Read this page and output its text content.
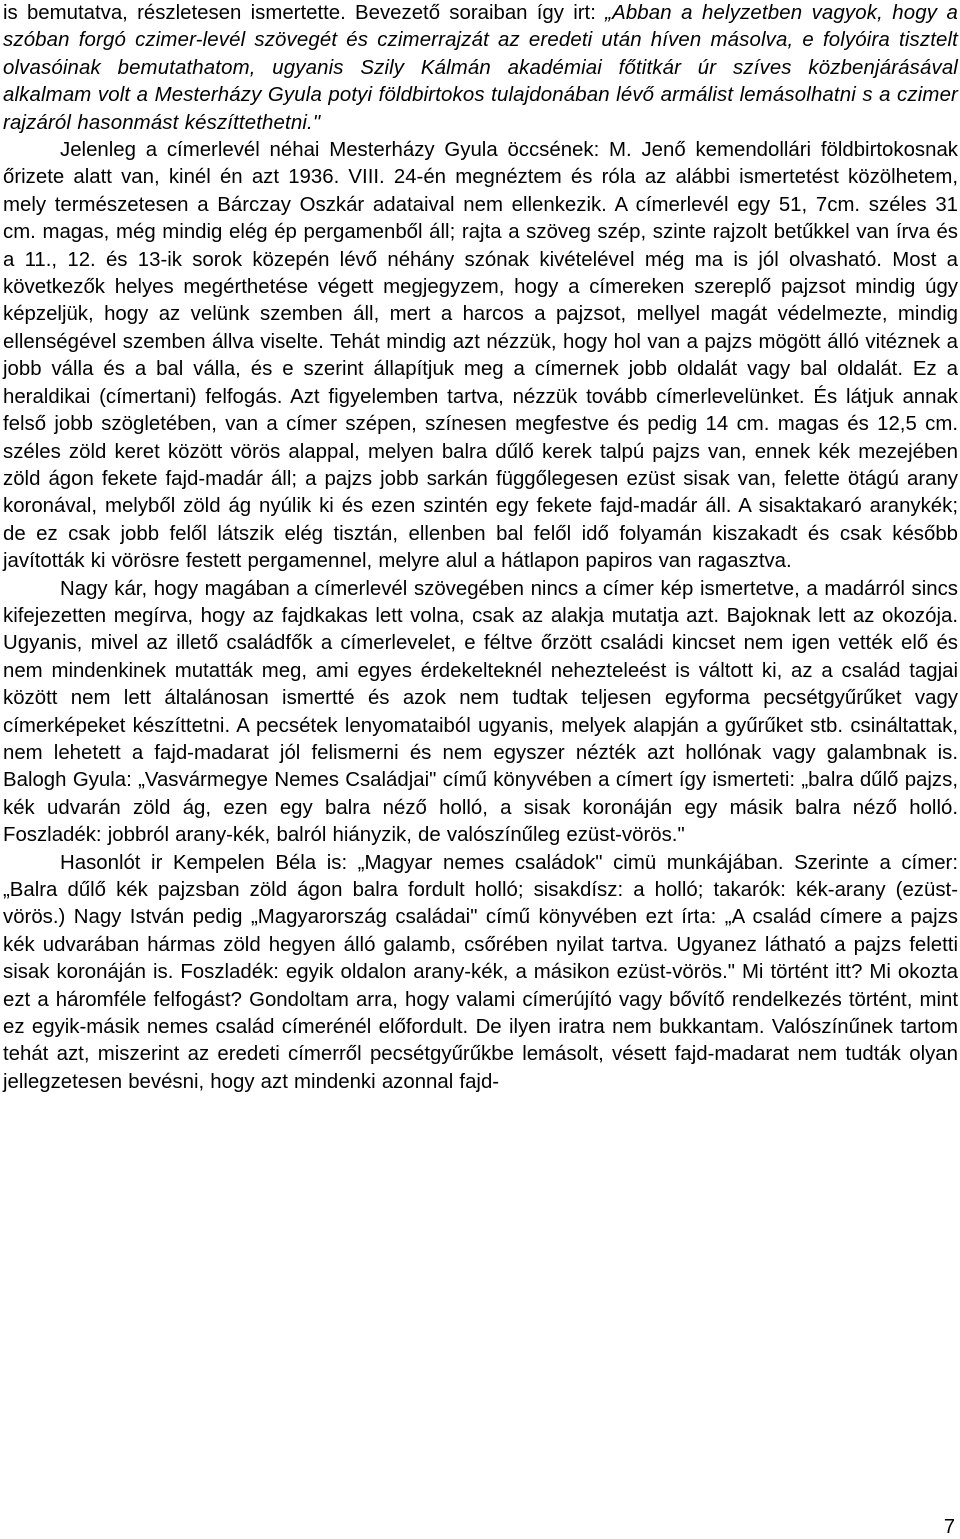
is bemutatva, részletesen ismertette. Bevezető soraiban így irt: „Abban a helyzetben vagyok, hogy a szóban forgó czimer-levél szövegét és czimerrajzát az eredeti után híven másolva, e folyóira tisztelt olvasóinak bemutathatom, ugyanis Szily Kálmán akadémiai főtitkár úr szíves közbenjárásával alkalmam volt a Mesterházy Gyula potyi földbirtokos tulajdonában lévő armálist lemásolhatni s a czimer rajzáról hasonmást készíttethetni."

Jelenleg a címerlevél néhai Mesterházy Gyula öccsének: M. Jenő kemendollári földbirtokosnak őrizete alatt van, kinél én azt 1936. VIII. 24-én megnéztem és róla az alábbi ismertetést közölhetem, mely természetesen a Bárczay Oszkár adataival nem ellenkezik. A címerlevél egy 51, 7cm. széles 31 cm. magas, még mindig elég ép pergamenből áll; rajta a szöveg szép, szinte rajzolt betűkkel van írva és a 11., 12. és 13-ik sorok közepén lévő néhány szónak kivételével még ma is jól olvasható. Most a következők helyes megérthetése végett megjegyzem, hogy a címereken szereplő pajzsot mindig úgy képzeljük, hogy az velünk szemben áll, mert a harcos a pajzsot, mellyel magát védelmezte, mindig ellenségével szemben állva viselte. Tehát mindig azt nézzük, hogy hol van a pajzs mögött álló vitéznek a jobb válla és a bal válla, és e szerint állapítjuk meg a címernek jobb oldalát vagy bal oldalát. Ez a heraldikai (címertani) felfogás. Azt figyelemben tartva, nézzük tovább címerlevelünket. És látjuk annak felső jobb szögletében, van a címer szépen, színesen megfestve és pedig 14 cm. magas és 12,5 cm. széles zöld keret között vörös alappal, melyen balra dűlő kerek talpú pajzs van, ennek kék mezejében zöld ágon fekete fajd-madár áll; a pajzs jobb sarkán függőlegesen ezüst sisak van, felette ötágú arany koronával, melyből zöld ág nyúlik ki és ezen szintén egy fekete fajd-madár áll. A sisaktakaró aranykék; de ez csak jobb felől látszik elég tisztán, ellenben bal felől idő folyamán kiszakadt és csak később javították ki vörösre festett pergamennel, melyre alul a hátlapon papiros van ragasztva.

Nagy kár, hogy magában a címerlevél szövegében nincs a címer kép ismertetve, a madárról sincs kifejezetten megírva, hogy az fajdkakas lett volna, csak az alakja mutatja azt. Bajoknak lett az okozója. Ugyanis, mivel az illető családfők a címerlevelet, e féltve őrzött családi kincset nem igen vették elő és nem mindenkinek mutatták meg, ami egyes érdekelteknél nehezteleést is váltott ki, az a család tagjai között nem lett általánosan ismertté és azok nem tudtak teljesen egyforma pecsétgyűrűket vagy címerképeket készíttetni. A pecsétek lenyomataiból ugyanis, melyek alapján a gyűrűket stb. csináltattak, nem lehetett a fajd-madarat jól felismerni és nem egyszer nézték azt hollónak vagy galambnak is. Balogh Gyula: „Vasvármegye Nemes Családjai" című könyvében a címert így ismerteti: „balra dűlő pajzs, kék udvarán zöld ág, ezen egy balra néző holló, a sisak koronáján egy másik balra néző holló. Foszladék: jobbról arany-kék, balról hiányzik, de valószínűleg ezüst-vörös."

Hasonlót ir Kempelen Béla is: „Magyar nemes családok" cimü munkájában. Szerinte a címer: „Balra dűlő kék pajzsban zöld ágon balra fordult holló; sisakdísz: a holló; takarók: kék-arany (ezüst-vörös.) Nagy István pedig „Magyarország családai" című könyvében ezt írta: „A család címere a pajzs kék udvarában hármas zöld hegyen álló galamb, csőrében nyilat tartva. Ugyanez látható a pajzs feletti sisak koronáján is. Foszladék: egyik oldalon arany-kék, a másikon ezüst-vörös." Mi történt itt? Mi okozta ezt a háromféle felfogást? Gondoltam arra, hogy valami címerújító vagy bővítő rendelkezés történt, mint ez egyik-másik nemes család címerénél előfordult. De ilyen iratra nem bukkantam. Valószínűnek tartom tehát azt, miszerint az eredeti címerről pecsétgyűrűkbe lemásolt, vésett fajd-madarat nem tudták olyan jellegzetesen bevésni, hogy azt mindenki azonnal fajd-

7
